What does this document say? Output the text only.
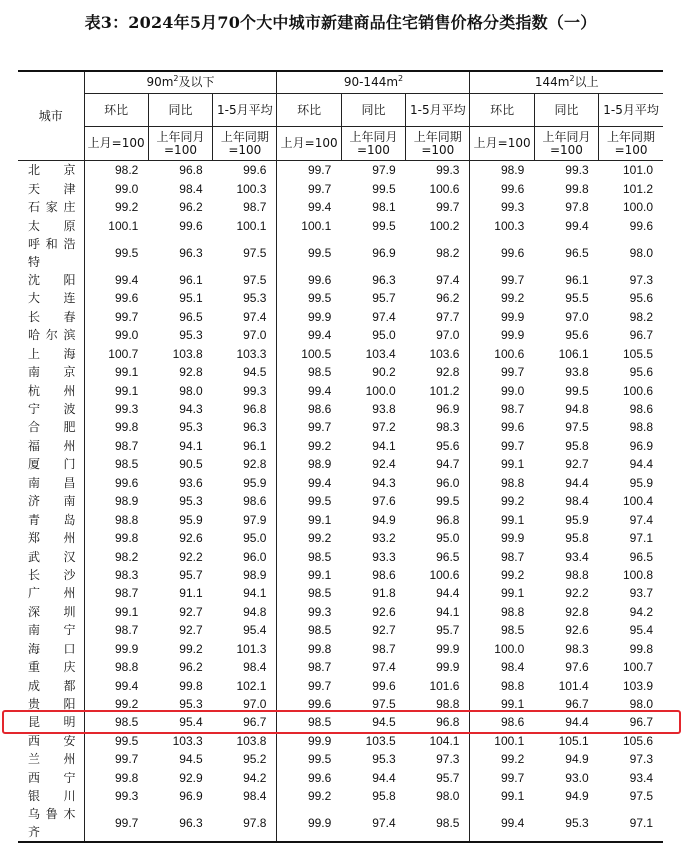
表3：2024年5月70个大中城市新建商品住宅销售价格分类指数（一）
城市	$90m^2$及以下			$90-144m^2$			$144m^2$以上		
	环比	同比	1-5月平均	环比	同比	1-5月平均	环比	同比	1-5月平均
	上月=100	上年同月=100	上年同期=100	上月=100	上年同月=100	上年同期=100	上月=100	上年同月=100	上年同期=100
北京	98.2	96.8	99.6	99.7	97.9	99.3	98.9	99.3	101.0
天津	99.0	98.4	100.3	99.7	99.5	100.6	99.6	99.8	101.2
石家庄	99.2	96.2	98.7	99.4	98.1	99.7	99.3	97.8	100.0
太原	100.1	99.6	100.1	100.1	99.5	100.2	100.3	99.4	99.6
呼和浩特	99.5	96.3	97.5	99.5	96.9	98.2	99.6	96.5	98.0
沈阳	99.4	96.1	97.5	99.6	96.3	97.4	99.7	96.1	97.3
大连	99.6	95.1	95.3	99.5	95.7	96.2	99.2	95.5	95.6
长春	99.7	96.5	97.4	99.9	97.4	97.7	99.9	97.0	98.2
哈尔滨	99.0	95.3	97.0	99.4	95.0	97.0	99.9	95.6	96.7
上海	100.7	103.8	103.3	100.5	103.4	103.6	100.6	106.1	105.5
南京	99.1	92.8	94.5	98.5	90.2	92.8	99.7	93.8	95.6
杭州	99.1	98.0	99.3	99.4	100.0	101.2	99.0	99.5	100.6
宁波	99.3	94.3	96.8	98.6	93.8	96.9	98.7	94.8	98.6
合肥	99.8	95.3	96.3	99.7	97.2	98.3	99.6	97.5	98.8
福州	98.7	94.1	96.1	99.2	94.1	95.6	99.7	95.8	96.9
厦门	98.5	90.5	92.8	98.9	92.4	94.7	99.1	92.7	94.4
南昌	99.6	93.6	95.9	99.4	94.3	96.0	98.8	94.4	95.9
济南	98.9	95.3	98.6	99.5	97.6	99.5	99.2	98.4	100.4
青岛	98.8	95.9	97.9	99.1	94.9	96.8	99.1	95.9	97.4
郑州	99.8	92.6	95.0	99.2	93.2	95.0	99.9	95.8	97.1
武汉	98.2	92.2	96.0	98.5	93.3	96.5	98.7	93.4	96.5
长沙	98.3	95.7	98.9	99.1	98.6	100.6	99.2	98.8	100.8
广州	98.7	91.1	94.1	98.5	91.8	94.4	99.1	92.2	93.7
深圳	99.1	92.7	94.8	99.3	92.6	94.1	98.8	92.8	94.2
南宁	98.7	92.7	95.4	98.5	92.7	95.7	98.5	92.6	95.4
海口	99.9	99.2	101.3	99.8	98.7	99.9	100.0	98.3	99.8
重庆	98.8	96.2	98.4	98.7	97.4	99.9	98.4	97.6	100.7
成都	99.4	99.8	102.1	99.7	99.6	101.6	98.8	101.4	103.9
贵阳	99.2	95.3	97.0	99.6	97.5	98.8	99.1	96.7	98.0
昆明	98.5	95.4	96.7	98.5	94.5	96.8	98.6	94.4	96.7
西安	99.5	103.3	103.8	99.9	103.5	104.1	100.1	105.1	105.6
兰州	99.7	94.5	95.2	99.5	95.3	97.3	99.2	94.9	97.3
西宁	99.8	92.9	94.2	99.6	94.4	95.7	99.7	93.0	93.4
银川	99.3	96.9	98.4	99.2	95.8	98.0	99.1	94.9	97.5
乌鲁木齐	99.7	96.3	97.8	99.9	97.4	98.5	99.4	95.3	97.1
